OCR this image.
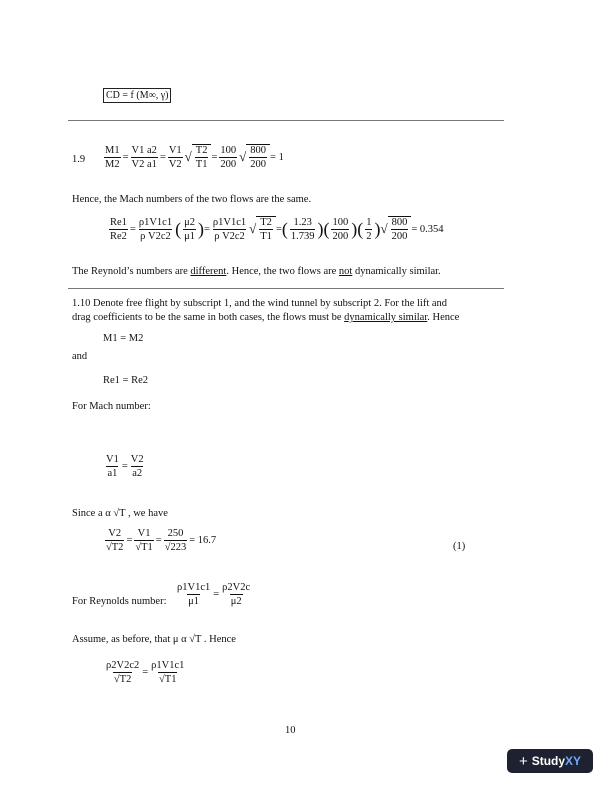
CD = f (M∞, γ)
$1.9 \frac{M1}{M2} = \frac{V1 a2}{V2 a1} = \frac{V1}{V2}$ √ $\frac{T2}{T1} = \frac{100}{200}$ √ $\frac{800}{200} = 1$
Hence, the Mach numbers of the two flows are the same.
$\frac{Re1}{Re2} = \frac{\rho 1V1c1}{\text{ρ V2c2}}$ ( $\frac{\mu 2}{\mu 1}$ ) = $\frac{\rho 1V1c1}{\text{ρ V2c2}}$ √ $\frac{T2}{T1}$ = ( $\frac{1.23}{1.739}$ ) ( $\frac{100}{200}$ ) ( $\frac{1}{2}$ ) √ $\frac{800}{200} = 0.354$
The Reynold’s numbers are different. Hence, the two flows are not dynamically similar.
1.10 Denote free flight by subscript 1, and the wind tunnel by subscript 2. For the lift and
drag coefficients to be the same in both cases, the flows must be dynamically similar. Hence
M1 = M2
and
Re1 = Re2
For Mach number:
$\frac{V1}{a1} = \frac{V2}{a2}$
Since a α √T , we have
$\frac{V2}{√T2} = \frac{V1}{√T1} = \frac{250}{√223} = 16.7$
(1)
For Reynolds number: $\frac{\rho 1V1c1}{\mu 1} = \frac{\rho 2V2c}{\mu 2}$
Assume, as before, that μ α √T . Hence
$\frac{\rho 2V2c2}{√T2} = \frac{\rho 1V1c1}{√T1}$
10
+ StudyXY
